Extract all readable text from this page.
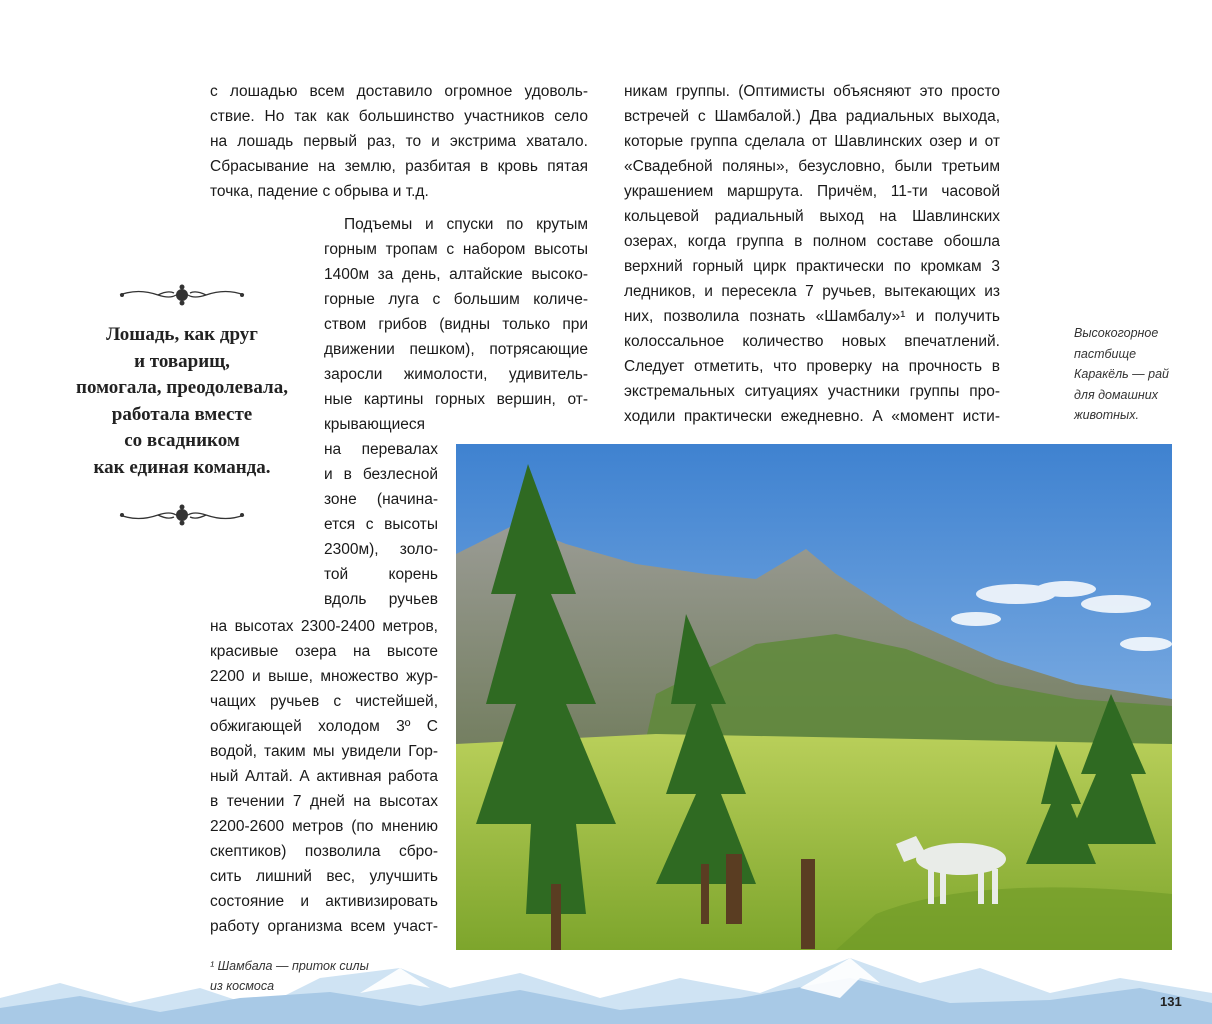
с лошадью всем доставило огромное удоволь-
ствие. Но так как большинство участников село
на лошадь первый раз, то и экстрима хватало.
Сбрасывание на землю, разбитая в кровь пятая
точка, падение с обрыва и т.д.
Подъемы и спуски по крутым
горным тропам с набором высоты
1400м за день, алтайские высоко-
горные луга с большим количе-
ством грибов (видны только при
движении пешком), потрясающие
заросли жимолости, удивитель-
ные картины горных вершин, от-
крывающиеся
на перевалах
и в безлесной
зоне (начина-
ется с высоты
2300м), золо-
той корень
вдоль ручьев
на высотах 2300-2400 метров,
красивые озера на высоте
2200 и выше, множество жур-
чащих ручьев с чистейшей,
обжигающей холодом 3º С
водой, таким мы увидели Гор-
ный Алтай. А активная работа
в течении 7 дней на высотах
2200-2600 метров (по мнению
скептиков) позволила сбро-
сить лишний вес, улучшить
состояние и активизировать
работу организма всем участ-
никам группы. (Оптимисты объясняют это просто
встречей с Шамбалой.) Два радиальных выхода,
которые группа сделала от Шавлинских озер и от
«Свадебной поляны», безусловно, были третьим
украшением маршрута. Причём, 11-ти часовой
кольцевой радиальный выход на Шавлинских
озерах, когда группа в полном составе обошла
верхний горный цирк практически по кромкам 3
ледников, и пересекла 7 ручьев, вытекающих из
них, позволила познать «Шамбалу»¹ и получить
колоссальное количество новых впечатлений.
Следует отметить, что проверку на прочность в
экстремальных ситуациях участники группы про-
ходили практически ежедневно. А «момент исти-
Лошадь, как друг
и товарищ,
помогала, преодолевала,
работала вместе
со всадником
как единая команда.
Высокогорное
пастбище
Каракёль — рай
для домашних
животных.
¹ Шамбала — приток силы
из космоса
131
